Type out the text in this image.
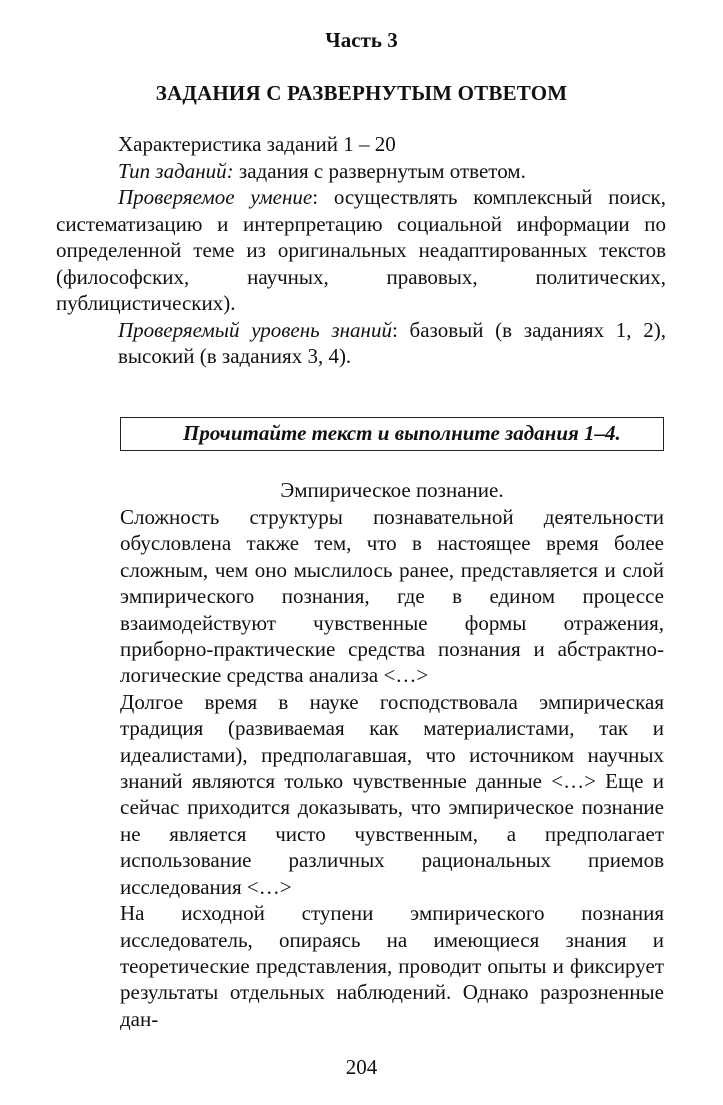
Часть 3
ЗАДАНИЯ С РАЗВЕРНУТЫМ ОТВЕТОМ

Характеристика заданий 1 – 20

Тип заданий: задания с развернутым ответом.

Проверяемое умение: осуществлять комплексный поиск, систематизацию и интерпретацию социальной информации по определенной теме из оригинальных неадаптированных текстов (философских, научных, правовых, политических, публицистических).

Проверяемый уровень знаний: базовый (в заданиях 1, 2), высокий (в заданиях 3, 4).

Прочитайте текст и выполните задания 1–4.
Эмпирическое познание.

Сложность структуры познавательной деятельности обусловлена также тем, что в настоящее время более сложным, чем оно мыслилось ранее, представляется и слой эмпирического познания, где в едином процессе взаимодействуют чувственные формы отражения, приборно-практические средства познания и абстрактно-логические средства анализа <…>

Долгое время в науке господствовала эмпирическая традиция (развиваемая как материалистами, так и идеалистами), предполагавшая, что источником научных знаний являются только чувственные данные <…> Еще и сейчас приходится доказывать, что эмпирическое познание не является чисто чувственным, а предполагает использование различных рациональных приемов исследования <…>

На исходной ступени эмпирического познания исследователь, опираясь на имеющиеся знания и теоретические представления, проводит опыты и фиксирует результаты отдельных наблюдений. Однако разрозненные дан-

204
